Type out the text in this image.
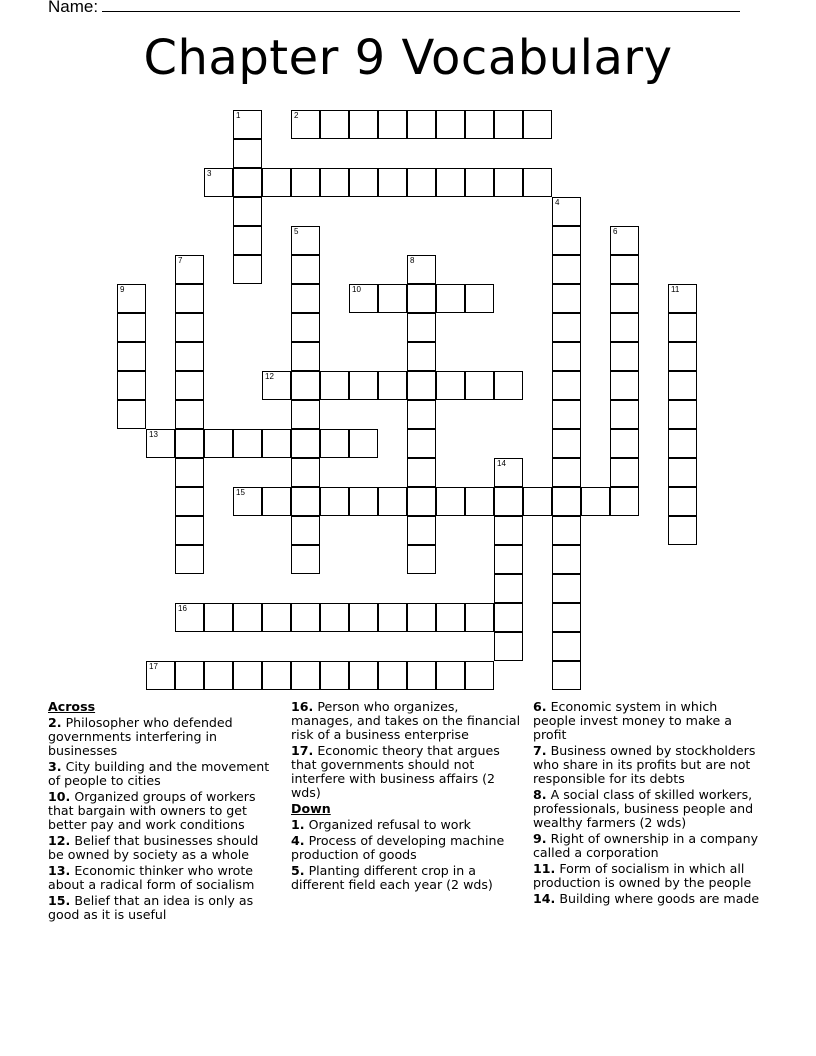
Name:
Chapter 9 Vocabulary
2
1
3
4
5	6
7	8
9	10	11
12
13
14
15
16
17
Across
2. Philosopher who defended governments interfering in businesses
3. City building and the movement of people to cities
10. Organized groups of workers that bargain with owners to get better pay and work conditions
12. Belief that businesses should be owned by society as a whole
13. Economic thinker who wrote about a radical form of socialism
15. Belief that an idea is only as good as it is useful
16. Person who organizes, manages, and takes on the financial risk of a business enterprise
17. Economic theory that argues that governments should not interfere with business affairs (2 wds)
Down
1. Organized refusal to work
4. Process of developing machine production of goods
5. Planting different crop in a different field each year (2 wds)
6. Economic system in which people invest money to make a profit
7. Business owned by stockholders who share in its profits but are not responsible for its debts
8. A social class of skilled workers, professionals, business people and wealthy farmers (2 wds)
9. Right of ownership in a company called a corporation
11. Form of socialism in which all production is owned by the people
14. Building where goods are made
